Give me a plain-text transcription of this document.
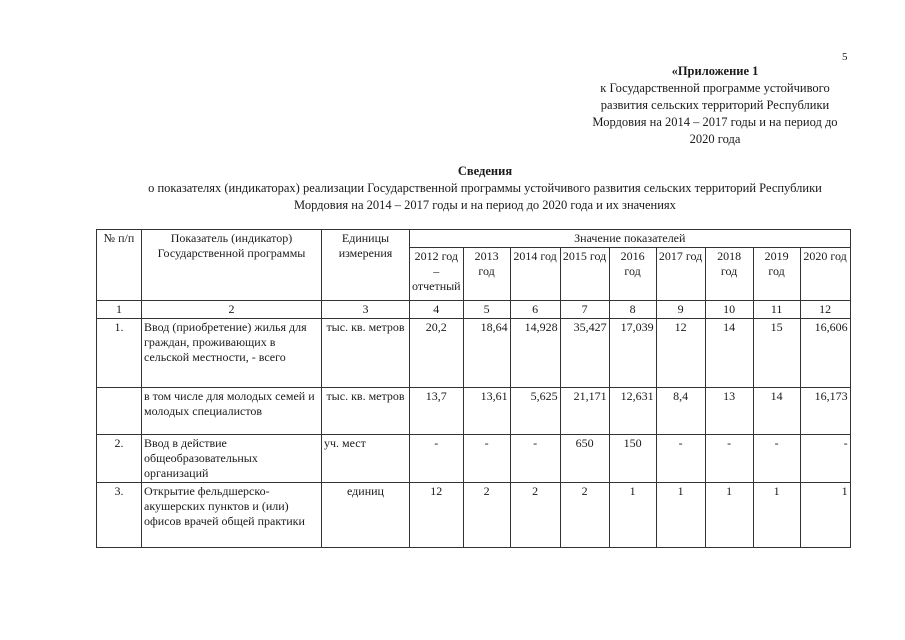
5
«Приложение 1
к Государственной программе устойчивого
развития сельских территорий Республики
Мордовия на 2014 – 2017 годы и на период до
2020 года
Сведения
о показателях (индикаторах) реализации Государственной программы устойчивого развития сельских территорий Республики
Мордовия на 2014 – 2017 годы и на период до 2020 года и их значениях
№ п/п	Показатель (индикатор) Государственной программы	Единицы измерения	Значение показателей								
			2012 год – отчетный	2013 год	2014 год	2015 год	2016 год	2017 год	2018 год	2019 год	2020 год
1	2	3	4	5	6	7	8	9	10	11	12
1.	Ввод (приобретение) жилья для граждан, проживающих в сельской местности, - всего	тыс. кв. метров	20,2	18,64	14,928	35,427	17,039	12	14	15	16,606
	в том числе для молодых семей и молодых специалистов	тыс. кв. метров	13,7	13,61	5,625	21,171	12,631	8,4	13	14	16,173
2.	Ввод в действие общеобразовательных организаций	уч. мест	-	-	-	650	150	-	-	-	-
3.	Открытие фельдшерско-акушерских пунктов и (или) офисов врачей общей практики	единиц	12	2	2	2	1	1	1	1	1
